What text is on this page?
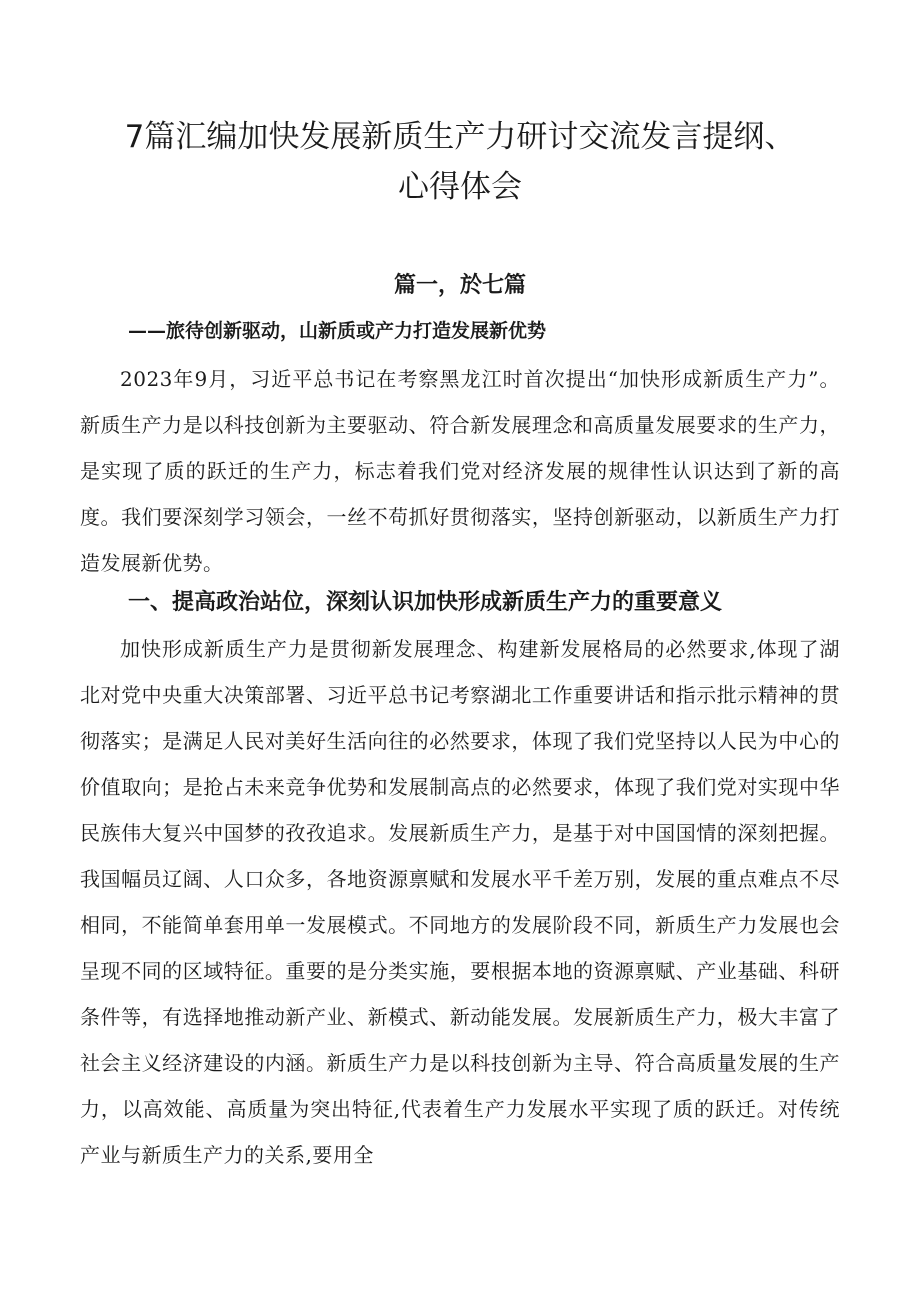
7篇汇编加快发展新质生产力研讨交流发言提纲、心得体会
篇一，於七篇

——旅待创新驱动，山新质或产力打造发展新优势

2023年9月，习近平总书记在考察黑龙江时首次提出“加快形成新质生产力”。新质生产力是以科技创新为主要驱动、符合新发展理念和高质量发展要求的生产力，是实现了质的跃迁的生产力，标志着我们党对经济发展的规律性认识达到了新的高度。我们要深刻学习领会，一丝不苟抓好贯彻落实，坚持创新驱动，以新质生产力打造发展新优势。

一、提高政治站位，深刻认识加快形成新质生产力的重要意义

加快形成新质生产力是贯彻新发展理念、构建新发展格局的必然要求,体现了湖北对党中央重大决策部署、习近平总书记考察湖北工作重要讲话和指示批示精神的贯彻落实；是满足人民对美好生活向往的必然要求，体现了我们党坚持以人民为中心的价值取向；是抢占未来竞争优势和发展制高点的必然要求，体现了我们党对实现中华民族伟大复兴中国梦的孜孜追求。发展新质生产力，是基于对中国国情的深刻把握。我国幅员辽阔、人口众多，各地资源禀赋和发展水平千差万别，发展的重点难点不尽相同，不能简单套用单一发展模式。不同地方的发展阶段不同，新质生产力发展也会呈现不同的区域特征。重要的是分类实施，要根据本地的资源禀赋、产业基础、科研条件等，有选择地推动新产业、新模式、新动能发展。发展新质生产力，极大丰富了社会主义经济建设的内涵。新质生产力是以科技创新为主导、符合高质量发展的生产力，以高效能、高质量为突出特征,代表着生产力发展水平实现了质的跃迁。对传统产业与新质生产力的关系,要用全
